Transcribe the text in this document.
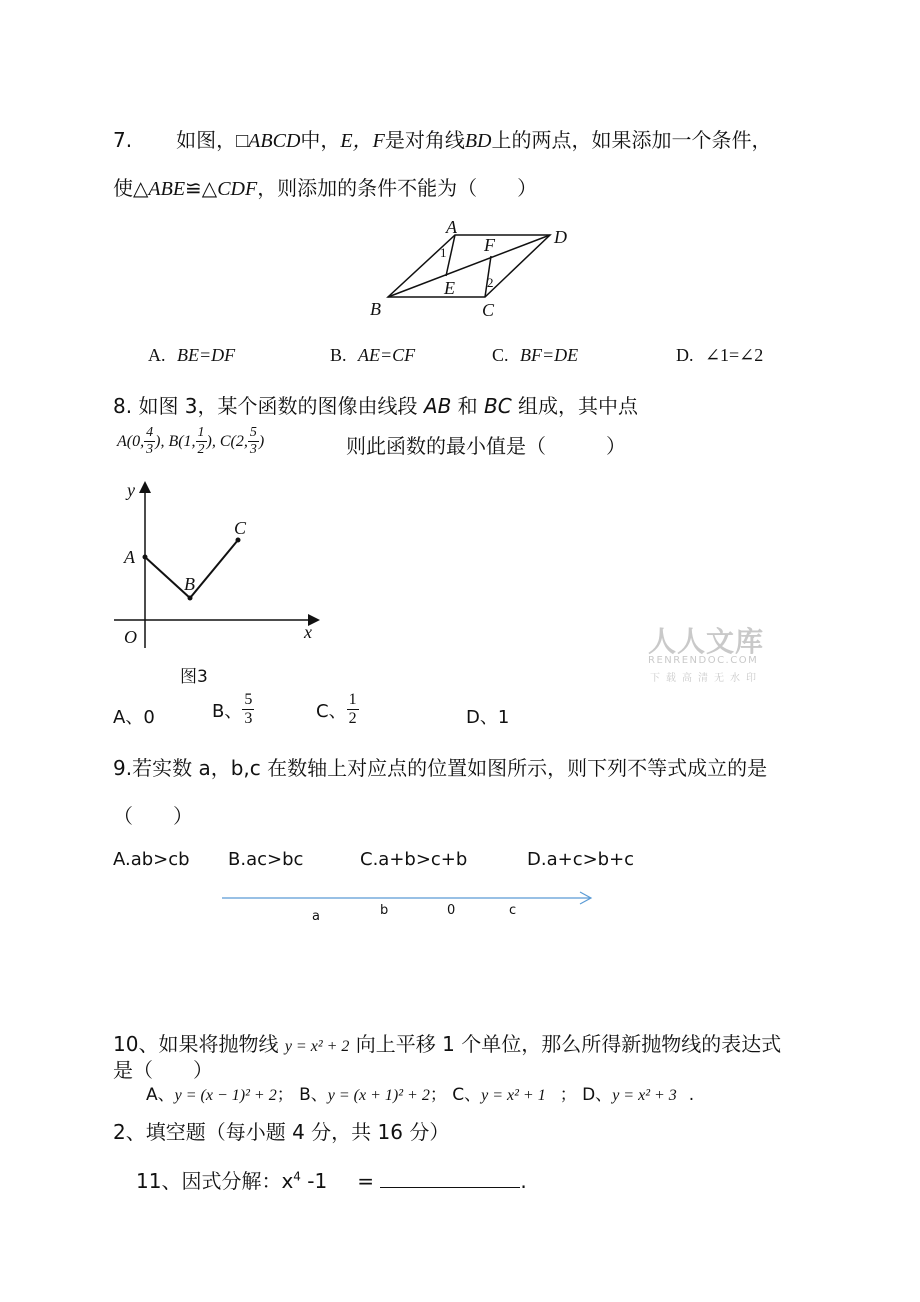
7. 如图，□ABCD中，E，F是对角线BD上的两点，如果添加一个条件，
使△ABE≌△CDF，则添加的条件不能为（　　）
A	D
B	C
E
F
1
2
A. BE=DF	B. AE=CF	C. BF=DE	D. ∠1=∠2
8. 如图 3，某个函数的图像由线段 AB 和 BC 组成，其中点
A(0, $\frac{4}{3}$ ), B(1, $\frac{1}{2}$ ), C(2, $\frac{5}{3}$ )	则此函数的最小值是（　　　）
y
x
O
A
B
C
图3
人人文库
RENRENDOC.COM
下载高清无水印
A、0	B、 $\frac{5}{3}$	C、 $\frac{1}{2}$	D、1
9.若实数 a，b,c 在数轴上对应点的位置如图所示，则下列不等式成立的是
（　　）
A.ab>cb B.ac>bc	C.a+b>c+b	D.a+c>b+c
a	b	0	c
10、如果将抛物线 y = x² + 2 向上平移 1 个单位，那么所得新抛物线的表达式
是（　　）
A、y = (x − 1)² + 2； B、y = (x + 1)² + 2； C、y = x² + 1 ； D、y = x² + 3 .
2、填空题（每小题 4 分，共 16 分）
11、因式分解：$x^4$ -1 =	.
